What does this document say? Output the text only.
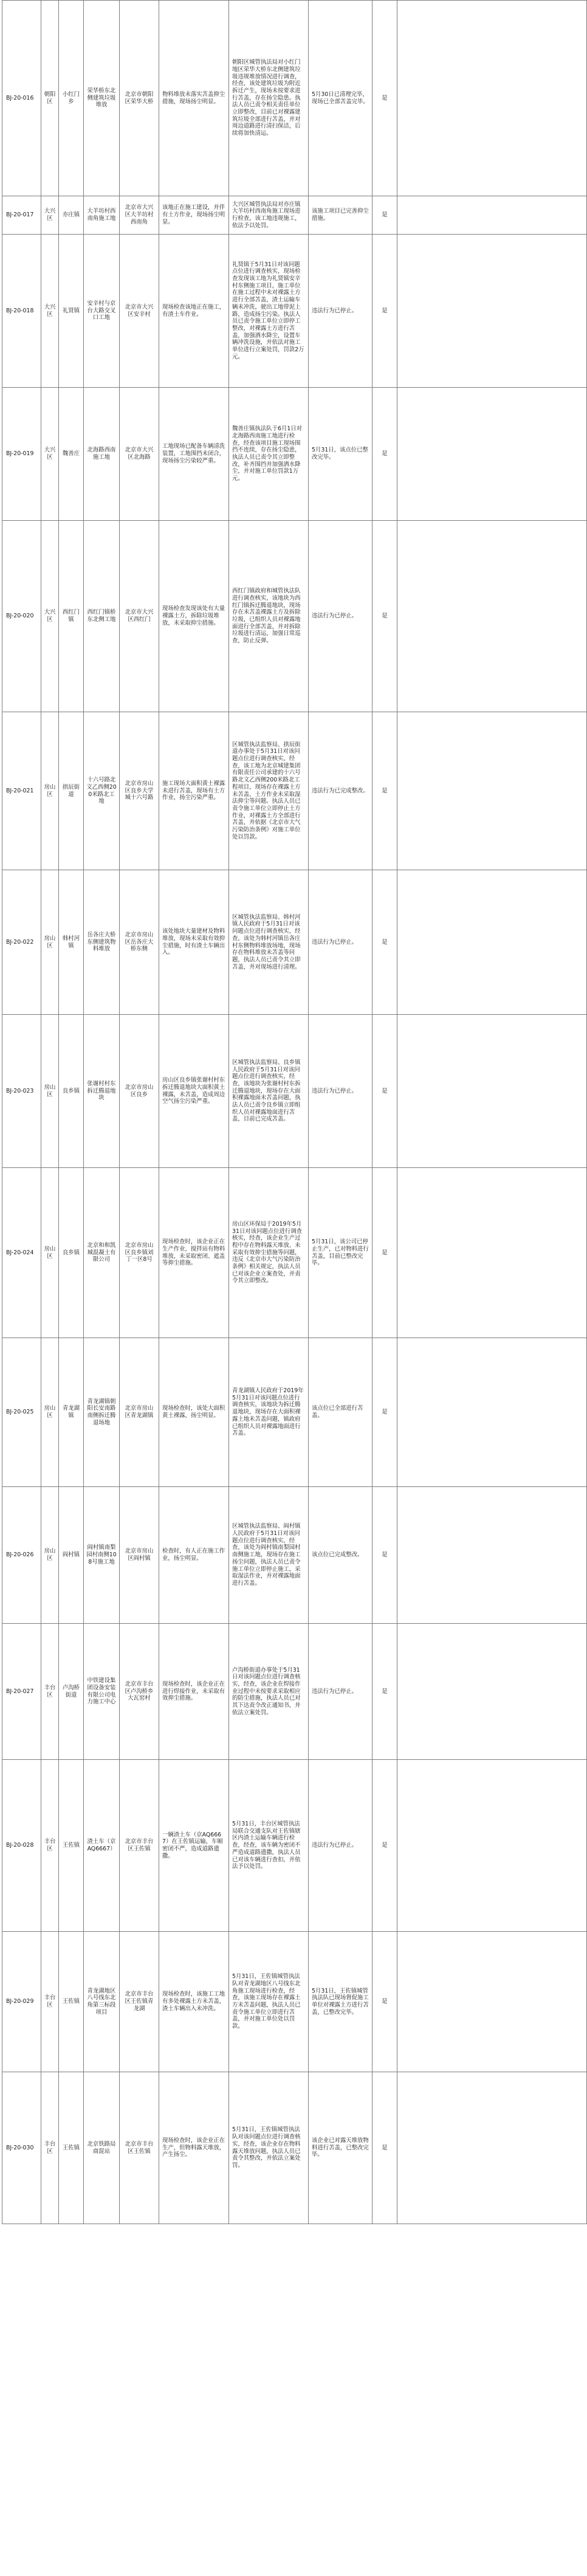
BJ-20-016	朝阳区	小红门乡	荣华桥东北侧建筑垃圾堆放	北京市朝阳区荣华大桥	物料堆放未落实苫盖抑尘措施，现场扬尘明显。	朝阳区城管执法局对小红门地区荣华大桥东北侧建筑垃圾违规堆放情况进行调查，经查，该处建筑垃圾为附近拆迁产生，现场未按要求进行苫盖，存在扬尘隐患。执法人员已责令相关责任单位立即整改，目前已对裸露建筑垃圾全部进行苫盖，并对周边道路进行清扫保洁，后续将加快清运。	5月30日已清理完毕，现场已全部苫盖完毕。	是	
BJ-20-017	大兴区	亦庄镇	大羊坊村西南角施工地	北京市大兴区大羊坊村西南角	该地正在施工建设，并伴有土方作业，现场扬尘明显。	大兴区城管执法局对亦庄镇大羊坊村西南角施工现场进行检查，该工地违规施工，依法予以处罚。	该施工项目已完善抑尘措施。	是	
BJ-20-018	大兴区	礼贤镇	安辛村与京台大路交叉口工地	北京市大兴区安辛村	现场检查该地正在施工，有渣土车作业。	礼贤镇于5月31日对该问题点位进行调查核实，现场检查发现该工地为礼贤镇安辛村东侧施工项目，施工单位在施工过程中未对裸露土方进行全部苫盖，渣土运输车辆未冲洗，驶出工地带泥上路，造成扬尘污染。执法人员已责令施工单位立即停工整改，对裸露土方进行苫盖，加强洒水降尘，设置车辆冲洗设施，并依法对施工单位进行立案处罚，罚款2万元。	违法行为已停止。	是	
BJ-20-019	大兴区	魏善庄	北海路西南施工地	北京市大兴区北海路	工地现场已配备车辆清洗装置，工地围挡未闭合，现场扬尘污染较严重。	魏善庄镇执法队于6月1日对北海路西南施工地进行检查，经查该项目施工现场围挡不连续，存在扬尘隐患，执法人员已责令其立即整改，补齐围挡并加强洒水降尘，并对施工单位罚款1万元。	5月31日，该点位已整改完毕。	是	
BJ-20-020	大兴区	西红门镇	西红门镇桥东北侧工地	北京市大兴区西红门	现场检查发现该处有大量裸露土方，拆除垃圾堆放，未采取抑尘措施。	西红门镇政府和城管执法队进行调查核实，该地块为西红门镇拆迁腾退地块，现场存在未苫盖裸露土方及拆除垃圾，已组织人员对裸露地面进行全部苫盖，并对拆除垃圾进行清运，加强日常巡查，防止反弹。	违法行为已停止。	是	
BJ-20-021	房山区	拱辰街道	十六号路北文乙西侧200米路北工地	北京市房山区良乡大学城十六号路	施工现场大面积黄土裸露未进行苫盖，现场有土方作业，扬尘污染严重。	区城管执法监察局、拱辰街道办事处于5月31日对该问题点位进行调查核实，经查，该工地为北京城建集团有限责任公司承建的十六号路北文乙西侧200米路北工程项目，现场存在裸露土方未苫盖、土方作业未采取湿法抑尘等问题。执法人员已责令施工单位立即停止土方作业，对裸露土方全部进行苫盖，并依据《北京市大气污染防治条例》对施工单位处以罚款。	违法行为已完成整改。	是	
BJ-20-022	房山区	韩村河镇	岳各庄大桥东侧建筑物料堆放	北京市房山区岳各庄大桥东侧	该处地块大量建材及物料堆放，现场未采取有效抑尘措施，时有渣土车辆出入。	区城管执法监察局、韩村河镇人民政府于5月31日对该问题点位进行调查核实，经查，该处为韩村河镇岳各庄村东侧物料堆放场地，现场存在物料堆放未苫盖等问题，执法人员已责令其立即苫盖，并对现场进行清理。	违法行为已停止。	是	
BJ-20-023	房山区	良乡镇	张谢村村东拆迁腾退地块	北京市房山区良乡	房山区良乡镇张谢村村东拆迁腾退地块大面积黄土裸露，未苫盖，造成周边空气扬尘污染严重。	区城管执法监察局、良乡镇人民政府于5月31日对该问题点位进行调查核实，经查，该地块为张谢村村东拆迁腾退地块，现场存在大面积裸露地面未苫盖问题，执法人员已责令良乡镇立即组织人员对裸露地面进行苫盖，目前已完成苫盖。	违法行为已停止。	是	
BJ-20-024	房山区	良乡镇	北京和和凯城混凝土有限公司	北京市房山区良乡镇刘丁一区8号	现场检查时，该企业正在生产作业，搅拌站有物料堆放，未采取密闭、遮盖等抑尘措施。	房山区环保局于2019年5月31日对该问题点位进行调查核实，经查，该企业生产过程中存在物料露天堆放、未采取有效抑尘措施等问题，违反《北京市大气污染防治条例》相关规定，执法人员已对该企业立案查处，并责令其立即整改。	5月31日，该公司已停止生产，已对物料进行苫盖，目前已整改完毕。	是	
BJ-20-025	房山区	青龙湖镇	青龙湖镇朝阳长安南路南侧拆迁腾退场地	北京市房山区青龙湖镇	现场检查时，该处大面积黄土裸露，扬尘明显。	青龙湖镇人民政府于2019年5月31日对该问题点位进行调查核实，该地块为拆迁腾退地块，现场存在大面积裸露土地未苫盖问题，镇政府已组织人员对裸露地面进行苫盖。	该点位已全部进行苫盖。	是	
BJ-20-026	房山区	阎村镇	阎村镇南梨园村南侧108号施工地	北京市房山区阎村镇	检查时，有人正在施工作业，扬尘明显。	区城管执法监察局、阎村镇人民政府于5月31日对该问题点位进行调查核实，经查，该处为阎村镇南梨园村南侧施工地，现场存在施工扬尘问题，执法人员已责令施工单位立即停止施工，采取湿法作业，并对裸露地面进行苫盖。	该点位已完成整改。	是	
BJ-20-027	丰台区	卢沟桥街道	中铁建设集团设备安装有限公司电力施工中心	北京市丰台区卢沟桥乡大瓦窑村	现场检查时，该企业正在进行焊接作业，未采取有效抑尘措施。	卢沟桥街道办事处于5月31日对该问题点位进行调查核实，经查，该企业在焊接作业过程中未按要求采取相应的防尘措施，执法人员已对其下达责令改正通知书，并依法立案处罚。	违法行为已停止。	是	
BJ-20-028	丰台区	王佐镇	渣土车（京AQ6667）	北京市丰台区王佐镇	一辆渣土车（京AQ6667）在王佐镇运输，车厢密闭不严，造成道路遗撒。	5月31日，丰台区城管执法局联合交通支队对王佐镇辖区内渣土运输车辆进行检查，经查，该车辆为密闭不严造成道路遗撒，执法人员已对该车辆进行查扣，并依法予以处罚。	违法行为已停止。	是	
BJ-20-029	丰台区	王佐镇	青龙湖地区八号线东北角第三标段项目	北京市丰台区王佐镇青龙湖	现场检查时，该施工工地有多处裸露土方未苫盖，渣土车辆出入未冲洗。	5月31日，王佐镇城管执法队对青龙湖地区八号线东北角施工现场进行检查，经查，该施工现场存在裸露土方未苫盖问题，执法人员已责令施工单位立即进行苫盖，并对施工单位处以罚款。	5月31日，王佐镇城管执法队已现场督促施工单位对裸露土方进行苫盖，已整改完毕。	是	
BJ-20-030	丰台区	王佐镇	北京铁路局商混站	北京市丰台区王佐镇	现场检查时，该企业正在生产，但物料露天堆放，产生扬尘。	5月31日，王佐镇城管执法队对该问题点位进行调查核实，经查，该企业存在物料露天堆放问题，执法人员已责令其整改，并依法立案处罚。	该企业已对露天堆放物料进行苫盖，已整改完毕。	是	
